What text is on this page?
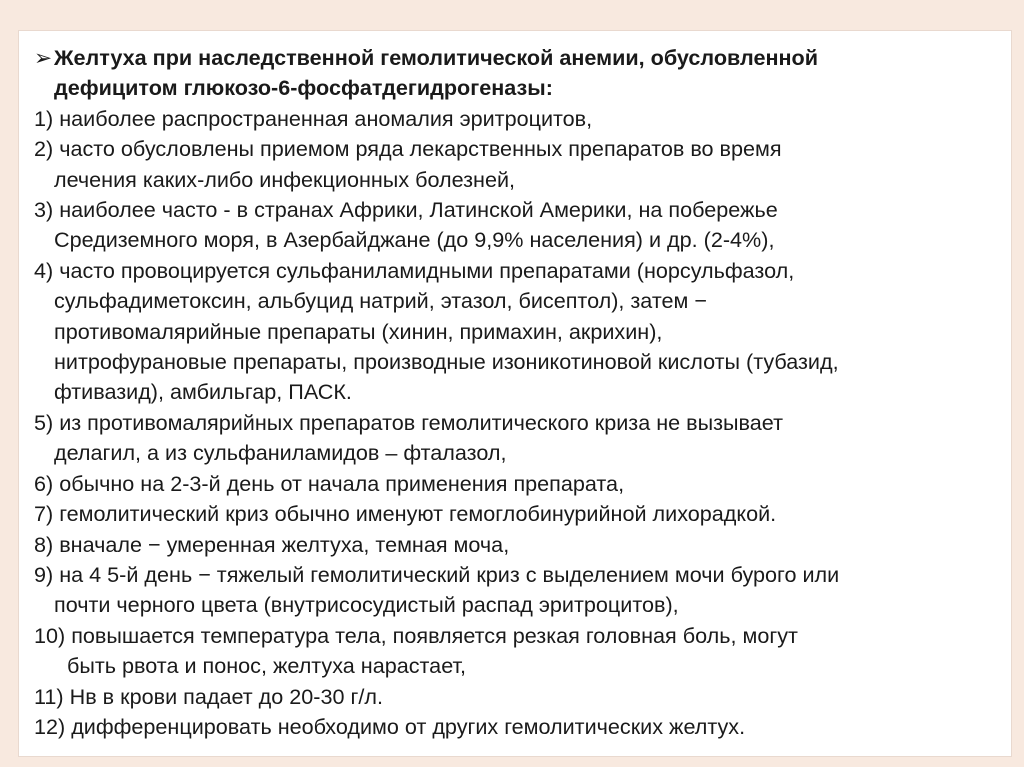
➢Желтуха при наследственной гемолитической анемии, обусловленной
дефицитом глюкозо-6-фосфатдегидрогеназы:
1) наиболее распространенная аномалия эритроцитов,
2) часто обусловлены приемом ряда лекарственных препаратов во время
лечения каких-либо инфекционных болезней,
3) наиболее часто - в странах Африки, Латинской Америки, на побережье
Средиземного моря, в Азербайджане (до 9,9% населения) и др. (2-4%),
4) часто провоцируется сульфаниламидными препаратами (норсульфазол,
сульфадиметоксин, альбуцид натрий, этазол, бисептол), затем −
противомалярийные препараты (хинин, примахин, акрихин),
нитрофурановые препараты, производные изоникотиновой кислоты (тубазид,
фтивазид), амбильгар, ПАСК.
5) из противомалярийных препаратов гемолитического криза не вызывает
делагил, а из сульфаниламидов – фталазол,
6) обычно на 2-3-й день от начала применения препарата,
7) гемолитический криз обычно именуют гемоглобинурийной лихорадкой.
8) вначале − умеренная желтуха, темная моча,
9) на 4 5-й день − тяжелый гемолитический криз с выделением мочи бурого или
почти черного цвета (внутрисосудистый распад эритроцитов),
10) повышается температура тела, появляется резкая головная боль, могут
быть рвота и понос, желтуха нарастает,
11) Нв в крови падает до 20-30 г/л.
12) дифференцировать необходимо от других гемолитических желтух.
